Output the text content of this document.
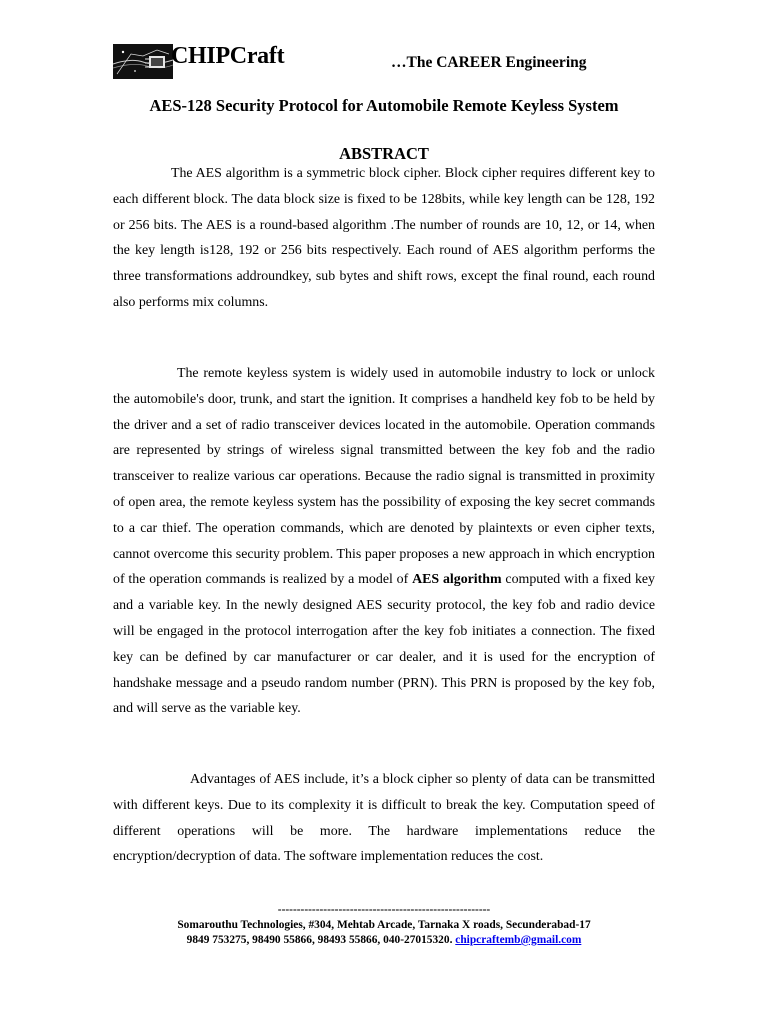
CHIPCraft	…The CAREER Engineering
AES-128 Security Protocol for Automobile Remote Keyless System
ABSTRACT

The AES algorithm is a symmetric block cipher. Block cipher requires different key to each different block. The data block size is fixed to be 128bits, while key length can be 128, 192 or 256 bits. The AES is a round-based algorithm .The number of rounds are 10, 12, or 14, when the key length is128, 192 or 256 bits respectively. Each round of AES algorithm performs the three transformations addroundkey, sub bytes and shift rows, except the final round, each round also performs mix columns.

The remote keyless system is widely used in automobile industry to lock or unlock the automobile's door, trunk, and start the ignition. It comprises a handheld key fob to be held by the driver and a set of radio transceiver devices located in the automobile. Operation commands are represented by strings of wireless signal transmitted between the key fob and the radio transceiver to realize various car operations. Because the radio signal is transmitted in proximity of open area, the remote keyless system has the possibility of exposing the key secret commands to a car thief. The operation commands, which are denoted by plaintexts or even cipher texts, cannot overcome this security problem. This paper proposes a new approach in which encryption of the operation commands is realized by a model of AES algorithm computed with a fixed key and a variable key. In the newly designed AES security protocol, the key fob and radio device will be engaged in the protocol interrogation after the key fob initiates a connection. The fixed key can be defined by car manufacturer or car dealer, and it is used for the encryption of handshake message and a pseudo random number (PRN). This PRN is proposed by the key fob, and will serve as the variable key.

Advantages of AES include, it’s a block cipher so plenty of data can be transmitted with different keys. Due to its complexity it is difficult to break the key. Computation speed of different operations will be more. The hardware implementations reduce the encryption/decryption of data. The software implementation reduces the cost.

--------------------------------------------------------
Somarouthu Technologies, #304, Mehtab Arcade, Tarnaka X roads, Secunderabad-17
9849 753275, 98490 55866, 98493 55866, 040-27015320. chipcraftemb@gmail.com
